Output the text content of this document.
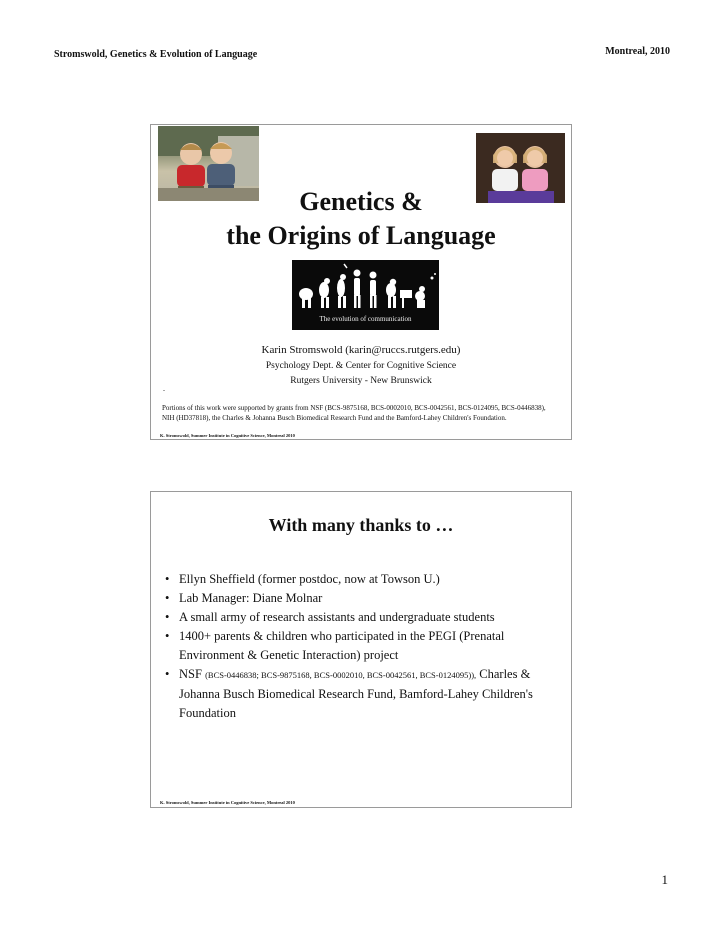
Stromswold, Genetics & Evolution of Language	Montreal, 2010
Genetics &
the Origins of Language
The evolution of communication
Karin Stromswold (karin@ruccs.rutgers.edu)
Psychology Dept. & Center for Cognitive Science
Rutgers University - New Brunswick
.
Portions of this work were supported by grants from NSF (BCS-9875168, BCS-0002010, BCS-0042561, BCS-0124095, BCS-0446838), NIH (HD37818), the Charles & Johanna Busch Biomedical Research Fund and the Bamford-Lahey Children's Foundation.
K. Stromswold, Summer Institute in Cognitive Science, Montreal 2010
With many thanks to …
• Ellyn Sheffield (former postdoc, now at Towson U.)
• Lab Manager: Diane Molnar
• A small army of research assistants and undergraduate students
• 1400+ parents & children who participated in the PEGI (Prenatal Environment & Genetic Interaction) project
• NSF (BCS-0446838; BCS-9875168, BCS-0002010, BCS-0042561, BCS-0124095)), Charles & Johanna Busch Biomedical Research Fund, Bamford-Lahey Children's Foundation
K. Stromswold, Summer Institute in Cognitive Science, Montreal 2010
1
